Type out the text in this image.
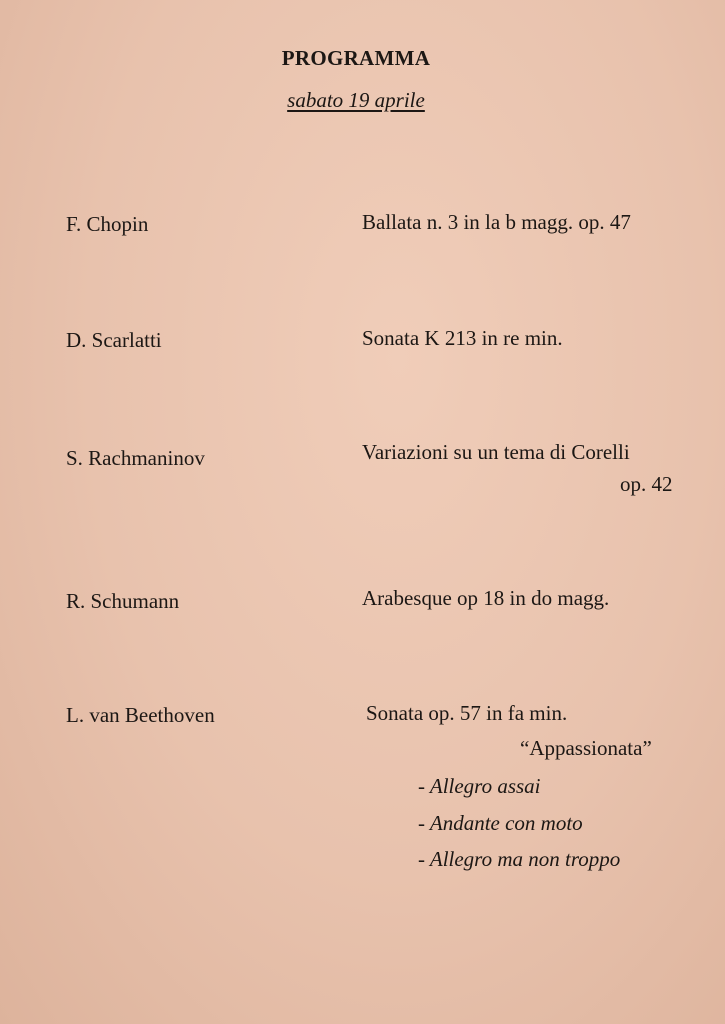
PROGRAMMA
sabato 19 aprile
F. Chopin	Ballata n. 3 in la b magg. op. 47
D. Scarlatti	Sonata K 213 in re min.
S. Rachmaninov	Variazioni su un tema di Corelli
op. 42
R. Schumann	Arabesque op 18 in do magg.
L. van Beethoven	Sonata op. 57 in fa min.
“Appassionata”
- Allegro assai
- Andante con moto
- Allegro ma non troppo
